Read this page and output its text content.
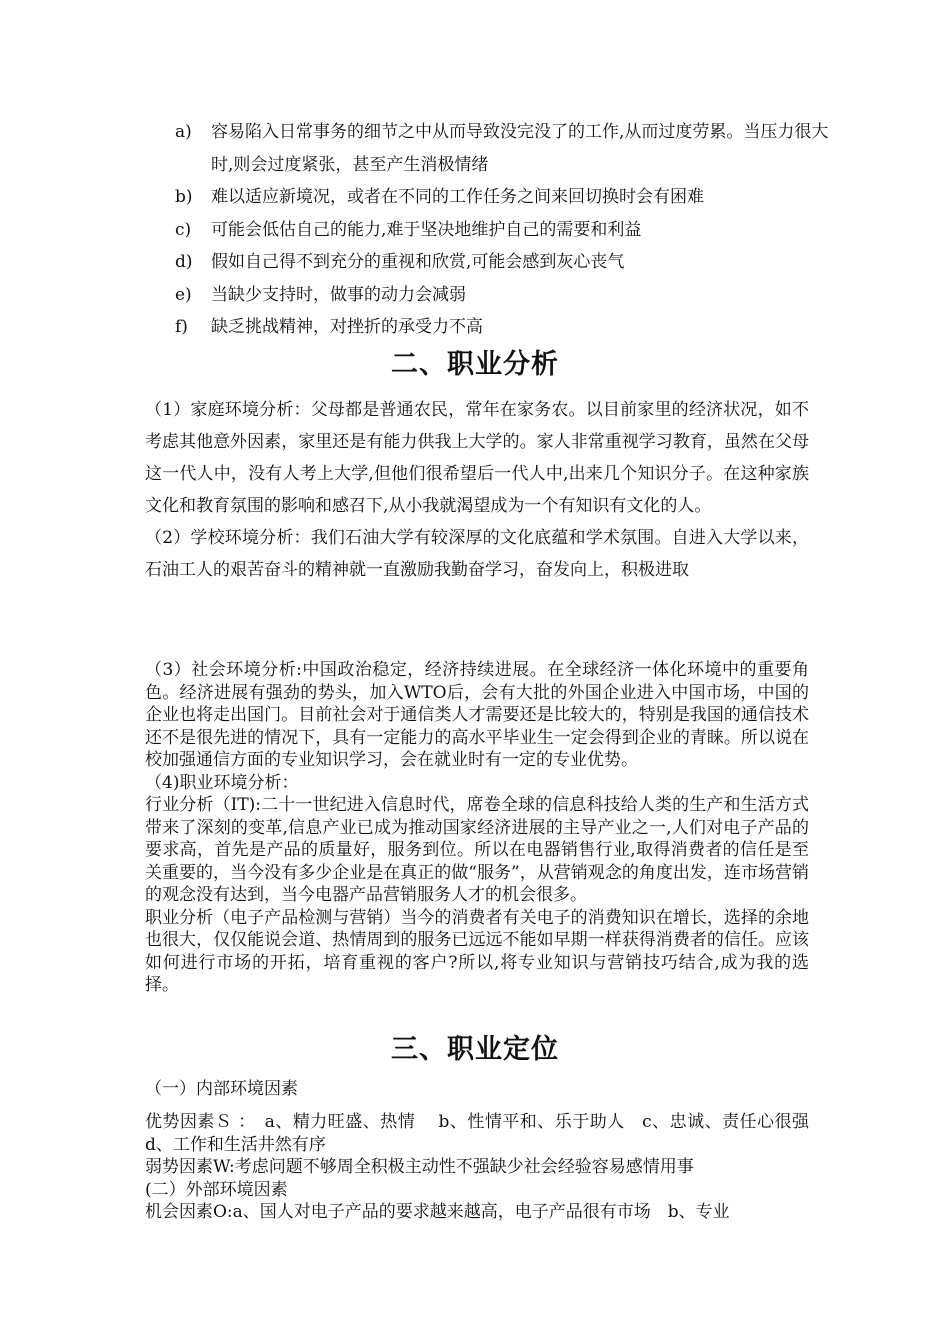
a) 容易陷入日常事务的细节之中从而导致没完没了的工作,从而过度劳累。当压力很大时,则会过度紧张，甚至产生消极情绪
b) 难以适应新境况，或者在不同的工作任务之间来回切换时会有困难
c) 可能会低估自己的能力,难于坚决地维护自己的需要和利益
d) 假如自己得不到充分的重视和欣赏,可能会感到灰心丧气
e) 当缺少支持时，做事的动力会减弱
f) 缺乏挑战精神，对挫折的承受力不高
二、职业分析

（1）家庭环境分析：父母都是普通农民，常年在家务农。以目前家里的经济状况，如不考虑其他意外因素，家里还是有能力供我上大学的。家人非常重视学习教育，虽然在父母这一代人中，没有人考上大学,但他们很希望后一代人中,出来几个知识分子。在这种家族文化和教育氛围的影响和感召下,从小我就渴望成为一个有知识有文化的人。

（2）学校环境分析：我们石油大学有较深厚的文化底蕴和学术氛围。自进入大学以来，石油工人的艰苦奋斗的精神就一直激励我勤奋学习，奋发向上，积极进取

（3）社会环境分析:中国政治稳定，经济持续进展。在全球经济一体化环境中的重要角色。经济进展有强劲的势头，加入WTO后，会有大批的外国企业进入中国市场，中国的企业也将走出国门。目前社会对于通信类人才需要还是比较大的，特别是我国的通信技术还不是很先进的情况下，具有一定能力的高水平毕业生一定会得到企业的青睐。所以说在校加强通信方面的专业知识学习，会在就业时有一定的专业优势。

（4)职业环境分析：

行业分析（IT):二十一世纪进入信息时代，席卷全球的信息科技给人类的生产和生活方式带来了深刻的变革,信息产业已成为推动国家经济进展的主导产业之一,人们对电子产品的要求高，首先是产品的质量好，服务到位。所以在电器销售行业,取得消费者的信任是至关重要的，当今没有多少企业是在真正的做“服务”，从营销观念的角度出发，连市场营销的观念没有达到，当今电器产品营销服务人才的机会很多。

职业分析（电子产品检测与营销）当今的消费者有关电子的消费知识在增长，选择的余地也很大，仅仅能说会道、热情周到的服务已远远不能如早期一样获得消费者的信任。应该如何进行市场的开拓，培育重视的客户?所以,将专业知识与营销技巧结合,成为我的选择。

三、职业定位
（一）内部环境因素

优势因素Ｓ ：　a、精力旺盛、热情　 b、性情平和、乐于助人　c、忠诚、责任心很强　d、工作和生活井然有序

弱势因素W:考虑问题不够周全积极主动性不强缺少社会经验容易感情用事

(二）外部环境因素

机会因素O:a、国人对电子产品的要求越来越高，电子产品很有市场　b、专业
